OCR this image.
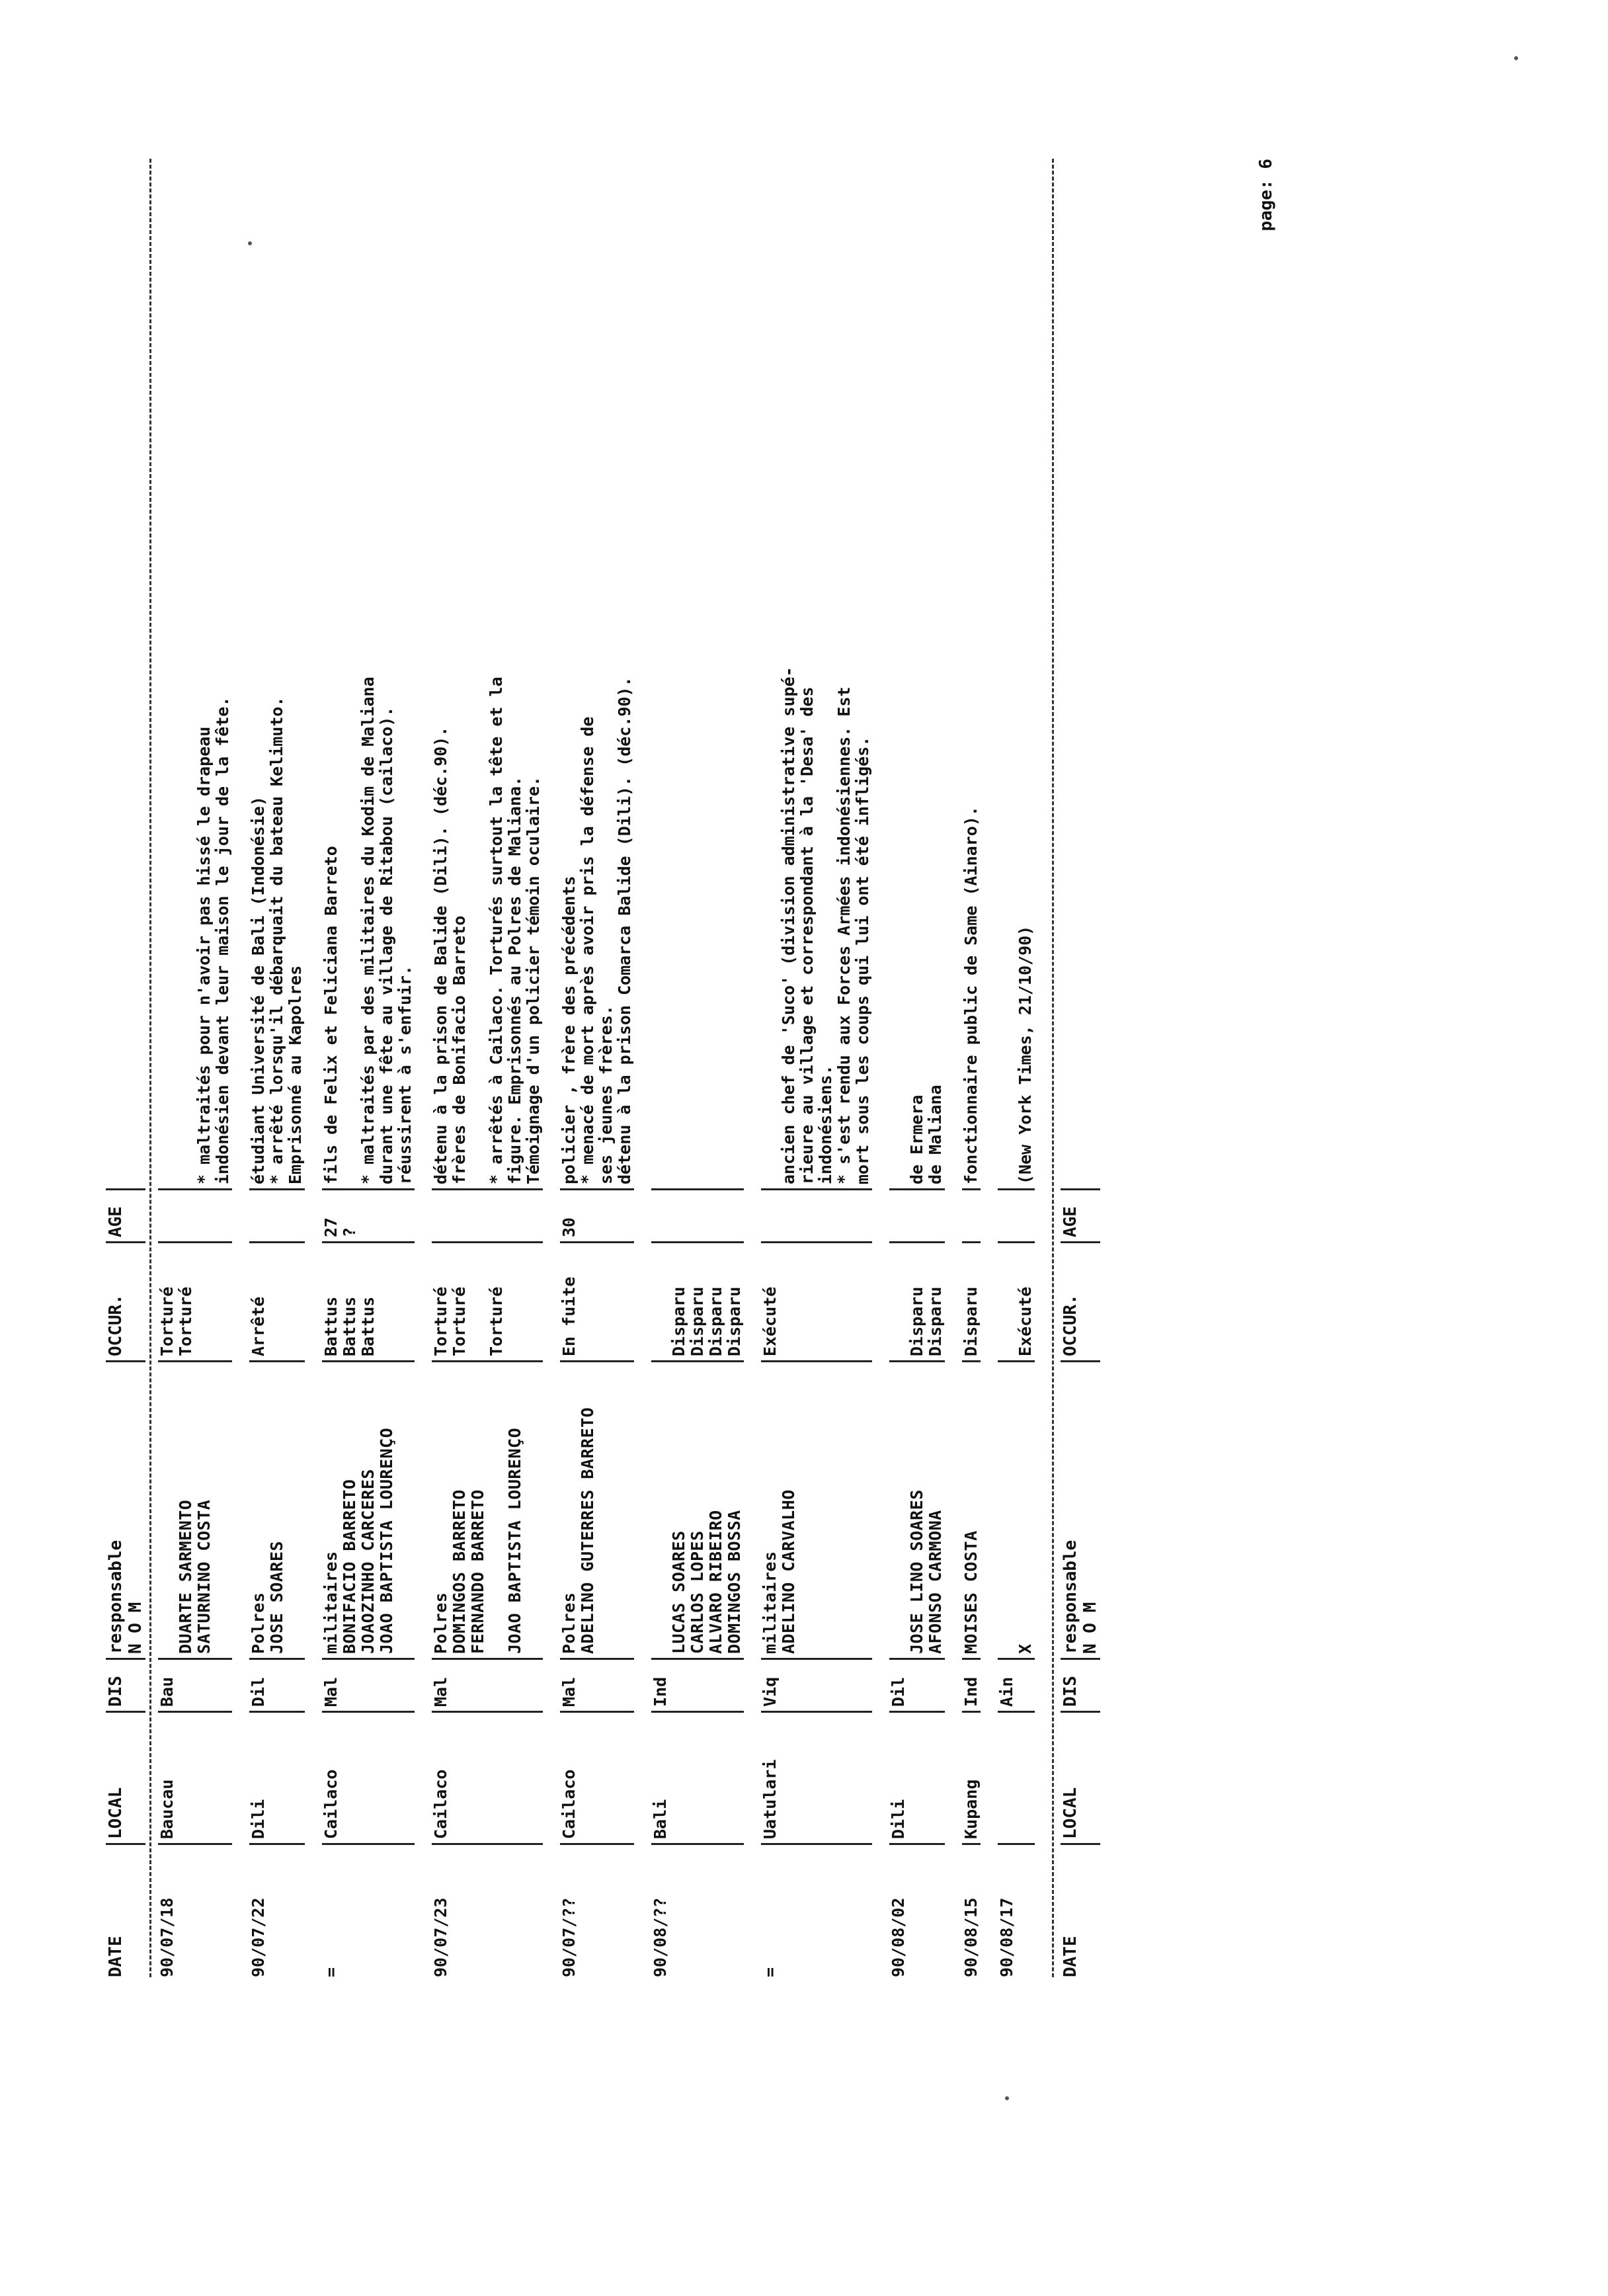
DATE
LOCAL
DIS
responsable
N O M
OCCUR.
AGE
90/07/18
Baucau
Bau

DUARTE SARMENTO
SATURNINO COSTA
Torturé
Torturé

* maltraités pour n'avoir pas hissé le drapeau
indonésien devant leur maison le jour de la fête.
90/07/22
Dili
Dil
Polres
JOSE SOARES
Arrêté
étudiant Université de Bali (Indonésie)
* arrêté lorsqu'il débarquait du bateau Kelimuto.
Emprisonné au Kapolres
=
Cailaco
Mal
militaires
BONIFACIO BARRETO
JOAOZINHO CARCERES
JOAO BAPTISTA LOURENÇO
Battus
Battus
Battus
27
?
fils de Felix et Feliciana Barreto

* maltraités par des militaires du Kodim de Maliana
durant une fête au village de Ritabou (cailaco).
réussirent à s'enfuir.
90/07/23
Cailaco
Mal
Polres
DOMINGOS BARRETO
FERNANDO BARRETO

JOAO BAPTISTA LOURENÇO
Torturé
Torturé

Torturé
détenu à la prison de Balide (Dili). (déc.90).
frères de Bonifacio Barreto

* arrêtés à Cailaco. Torturés surtout la tête et la
figure. Emprisonnés au Polres de Maliana.
Témoignage d'un policier témoin oculaire.
90/07/??
Cailaco
Mal
Polres
ADELINO GUTERRES BARRETO
En fuite
30
policier , frère des précédents
* menacé de mort après avoir pris la défense de
ses jeunes frères.
détenu à la prison Comarca Balide (Dili). (déc.90).
90/08/??
Bali
Ind

LUCAS SOARES
CARLOS LOPES
ALVARO RIBEIRO
DOMINGOS BOSSA

Disparu
Disparu
Disparu
Disparu
=
Uatulari
Viq
militaires
ADELINO CARVALHO
Exécuté

ancien chef de 'Suco' (division administrative supé-
rieure au village et correspondant à la 'Desa' des
indonésiens.
* s'est rendu aux Forces Armées indonésiennes. Est
mort sous les coups qui lui ont été infligés.
90/08/02
Dili
Dil

JOSE LINO SOARES
AFONSO CARMONA

Disparu
Disparu

de Ermera
de Maliana
90/08/15
Kupang
Ind
MOISES COSTA
Disparu
fonctionnaire public de Same (Ainaro).
90/08/17
Ain

X

Exécuté

(New York Times, 21/10/90)
DATE
LOCAL
DIS
responsable
N O M
OCCUR.
AGE
page: 6
